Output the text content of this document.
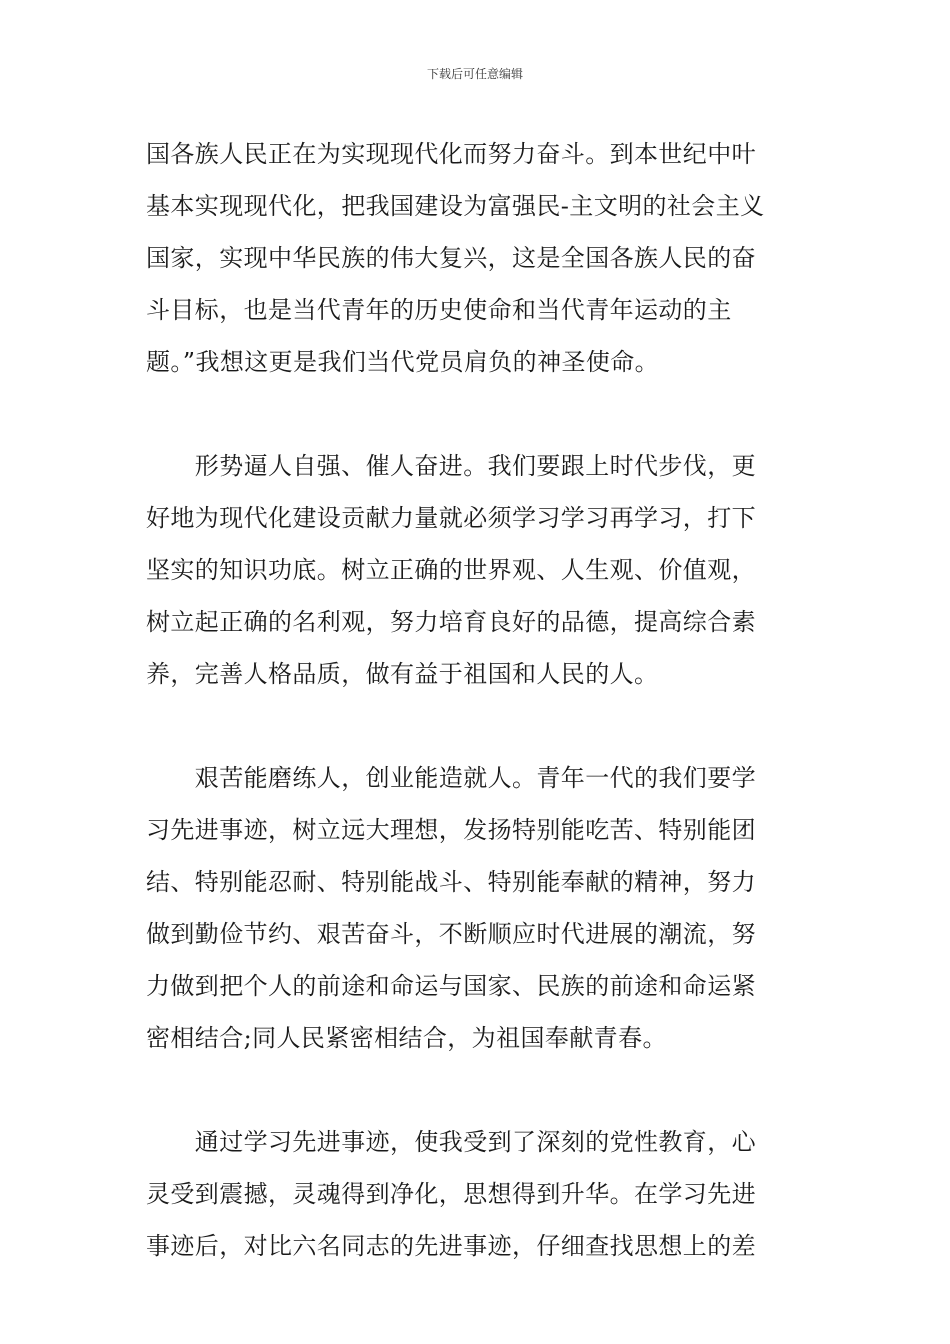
下载后可任意编辑
国各族人民正在为实现现代化而努力奋斗。到本世纪中叶
基本实现现代化，把我国建设为富强民-主文明的社会主义
国家，实现中华民族的伟大复兴，这是全国各族人民的奋
斗目标，也是当代青年的历史使命和当代青年运动的主
题。”我想这更是我们当代党员肩负的神圣使命。
　　形势逼人自强、催人奋进。我们要跟上时代步伐，更
好地为现代化建设贡献力量就必须学习学习再学习，打下
坚实的知识功底。树立正确的世界观、人生观、价值观，
树立起正确的名利观，努力培育良好的品德，提高综合素
养，完善人格品质，做有益于祖国和人民的人。
　　艰苦能磨练人，创业能造就人。青年一代的我们要学
习先进事迹，树立远大理想，发扬特别能吃苦、特别能团
结、特别能忍耐、特别能战斗、特别能奉献的精神，努力
做到勤俭节约、艰苦奋斗，不断顺应时代进展的潮流，努
力做到把个人的前途和命运与国家、民族的前途和命运紧
密相结合;同人民紧密相结合，为祖国奉献青春。
　　通过学习先进事迹，使我受到了深刻的党性教育，心
灵受到震撼，灵魂得到净化，思想得到升华。在学习先进
事迹后，对比六名同志的先进事迹，仔细查找思想上的差
